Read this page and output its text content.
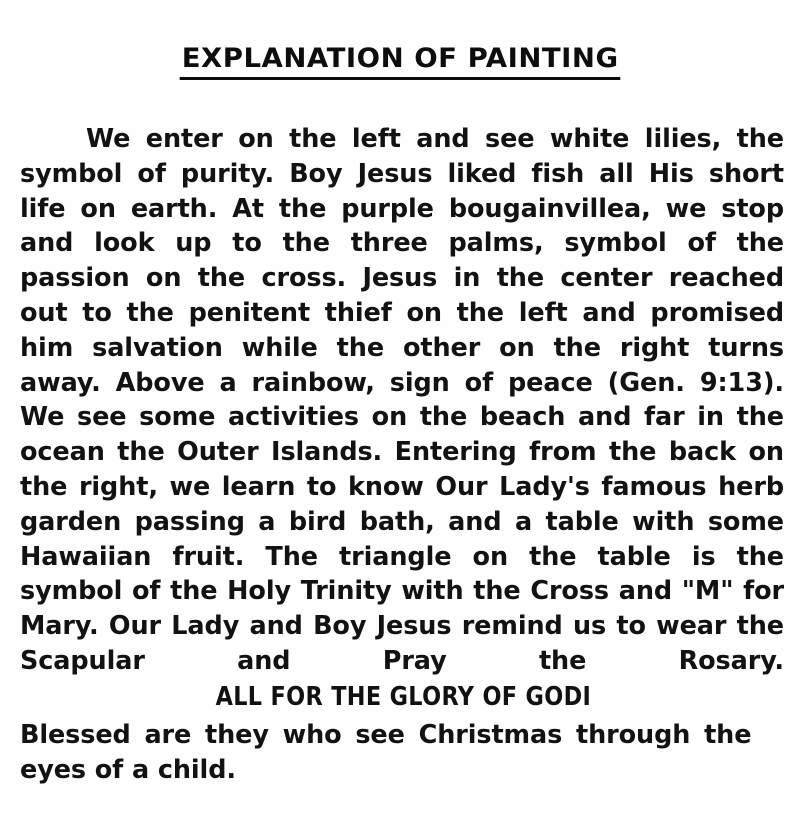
EXPLANATION OF PAINTING

We enter on the left and see white lilies, the symbol of purity. Boy Jesus liked fish all His short life on earth. At the purple bougainvillea, we stop and look up to the three palms, symbol of the passion on the cross. Jesus in the center reached out to the penitent thief on the left and promised him salvation while the other on the right turns away. Above a rainbow, sign of peace (Gen. 9:13). We see some activities on the beach and far in the ocean the Outer Islands. Entering from the back on the right, we learn to know Our Lady's famous herb garden passing a bird bath, and a table with some Hawaiian fruit. The triangle on the table is the symbol of the Holy Trinity with the Cross and "M" for Mary. Our Lady and Boy Jesus remind us to wear the Scapular and Pray the Rosary.

ALL FOR THE GLORY OF GODI

Blessed are they who see Christmas through the

eyes of a child.
